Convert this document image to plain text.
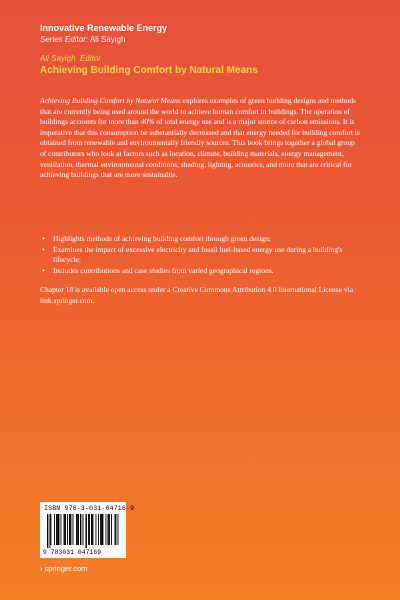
Innovative Renewable Energy
Series Editor: Ali Sayigh
Ali Sayigh Editor
Achieving Building Comfort by Natural Means

Achieving Building Comfort by Natural Means explores examples of green building designs and methods that are currently being used around the world to achieve human comfort in buildings. The operation of buildings accounts for more than 40% of total energy use and is a major source of carbon emissions. It is imperative that this consumption be substantially decreased and that energy needed for building comfort is obtained from renewable and environmentally friendly sources. This book brings together a global group of contributors who look at factors such as location, climate, building materials, energy management, ventilation, thermal environmental conditions, shading, lighting, acoustics, and more that are critical for achieving buildings that are more sustainable.

• Highlights methods of achieving building comfort through green design;
• Examines the impact of excessive electricity and fossil fuel-based energy use during a building's lifecycle;
• Includes contributions and case studies from varied geographical regions.

Chapter 18 is available open access under a Creative Commons Attribution 4.0 International License via link.springer.com.

ISBN 978-3-031-04716-9
9 783031 047169
› springer.com
